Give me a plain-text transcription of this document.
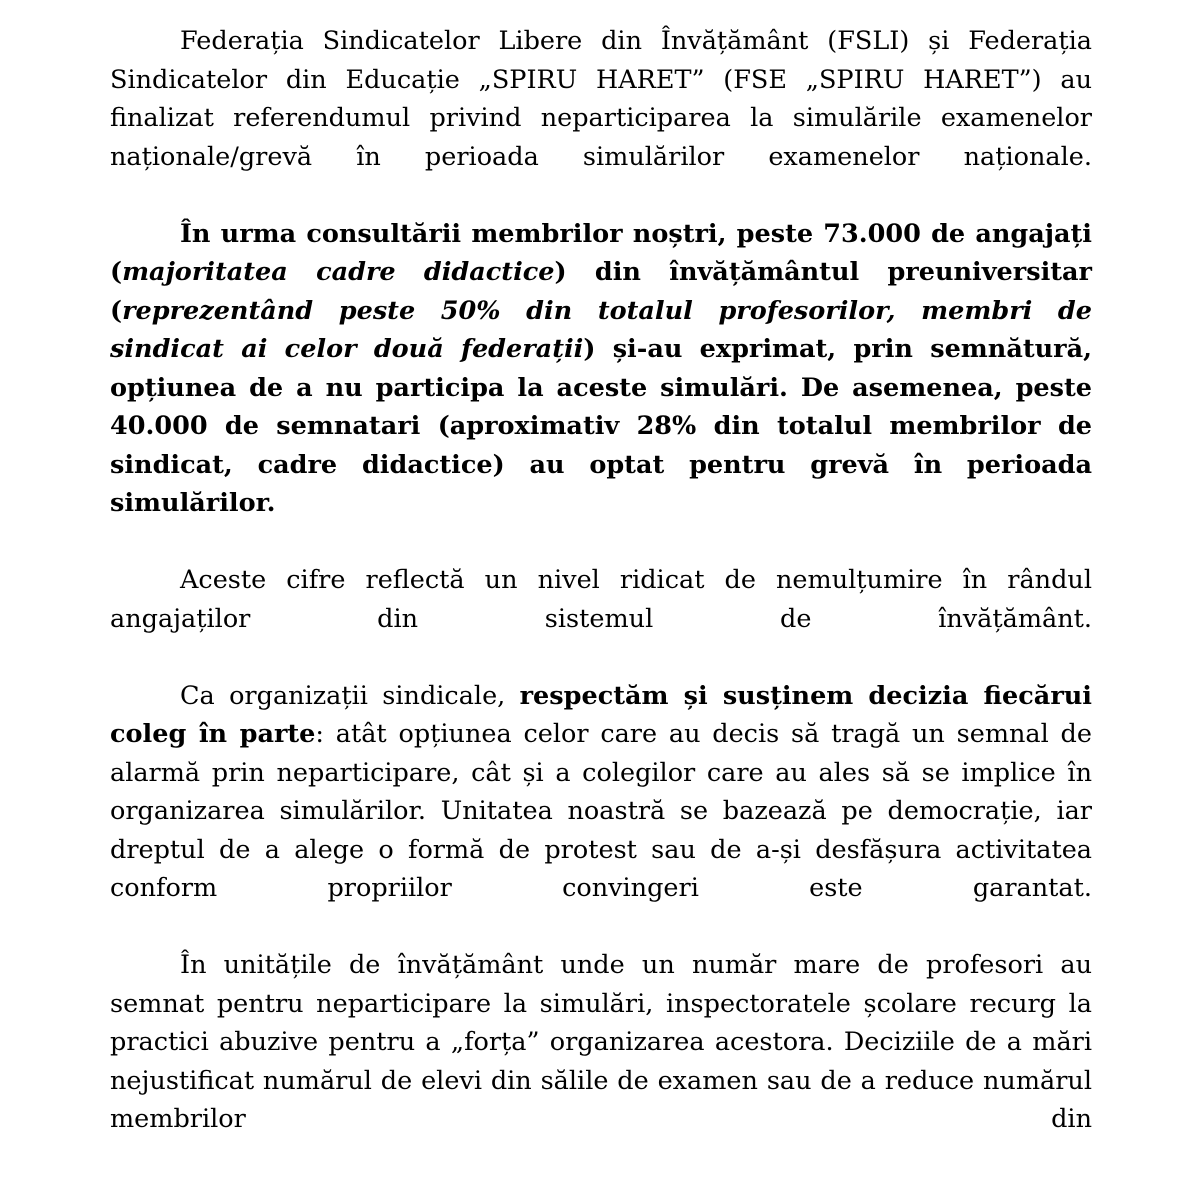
Federația Sindicatelor Libere din Învățământ (FSLI) și Federația Sindicatelor din Educație „SPIRU HARET” (FSE „SPIRU HARET”) au finalizat referendumul privind neparticiparea la simulările examenelor naționale/grevă în perioada simulărilor examenelor naționale.

În urma consultării membrilor noștri, peste 73.000 de angajați (majoritatea cadre didactice) din învățământul preuniversitar (reprezentând peste 50% din totalul profesorilor, membri de sindicat ai celor două federații) și-au exprimat, prin semnătură, opțiunea de a nu participa la aceste simulări. De asemenea, peste 40.000 de semnatari (aproximativ 28% din totalul membrilor de sindicat, cadre didactice) au optat pentru grevă în perioada simulărilor.

Aceste cifre reflectă un nivel ridicat de nemulțumire în rândul angajaților din sistemul de învățământ.

Ca organizații sindicale, respectăm și susținem decizia fiecărui coleg în parte: atât opțiunea celor care au decis să tragă un semnal de alarmă prin neparticipare, cât și a colegilor care au ales să se implice în organizarea simulărilor. Unitatea noastră se bazează pe democrație, iar dreptul de a alege o formă de protest sau de a-și desfășura activitatea conform propriilor convingeri este garantat.

În unitățile de învățământ unde un număr mare de profesori au semnat pentru neparticipare la simulări, inspectoratele școlare recurg la practici abuzive pentru a „forța” organizarea acestora. Deciziile de a mări nejustificat numărul de elevi din sălile de examen sau de a reduce numărul membrilor din
